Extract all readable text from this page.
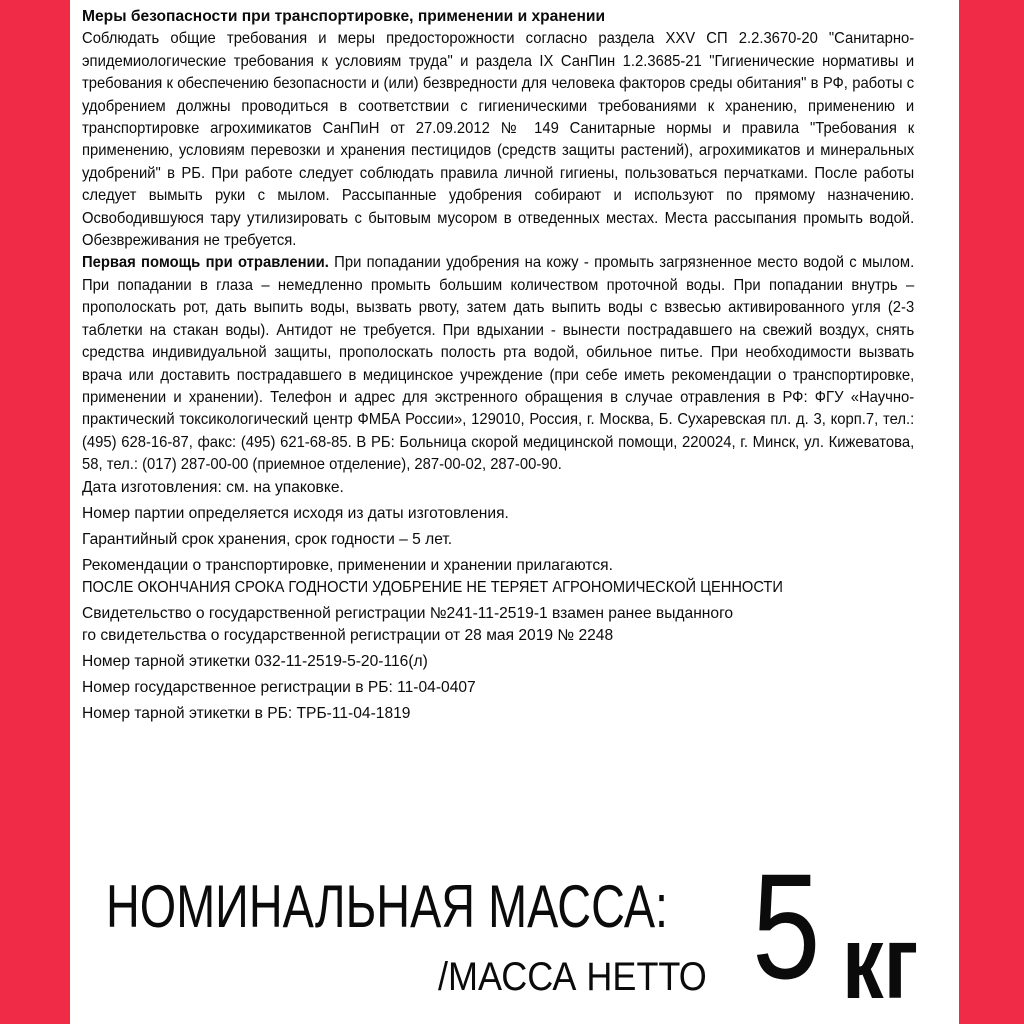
Меры безопасности при транспортировке, применении и хранении

Соблюдать общие требования и меры предосторожности согласно раздела XXV СП 2.2.3670-20 "Санитарно-эпидемиологические требования к условиям труда" и раздела IX СанПин 1.2.3685-21 "Гигиенические нормативы и требования к обеспечению безопасности и (или) безвредности для человека факторов среды обитания" в РФ, работы с удобрением должны проводиться в соответствии с гигиеническими требованиями к хранению, применению и транспортировке агрохимикатов СанПиН от 27.09.2012 № 149 Санитарные нормы и правила "Требования к применению, условиям перевозки и хранения пестицидов (средств защиты растений), агрохимикатов и минеральных удобрений" в РБ. При работе следует соблюдать правила личной гигиены, пользоваться перчатками. После работы следует вымыть руки с мылом. Рассыпанные удобрения собирают и используют по прямому назначению. Освободившуюся тару утилизировать с бытовым мусором в отведенных местах. Места рассыпания промыть водой. Обезвреживания не требуется.

Первая помощь при отравлении. При попадании удобрения на кожу - промыть загрязненное место водой с мылом. При попадании в глаза – немедленно промыть большим количеством проточной воды. При попадании внутрь – прополоскать рот, дать выпить воды, вызвать рвоту, затем дать выпить воды с взвесью активированного угля (2-3 таблетки на стакан воды). Антидот не требуется. При вдыхании - вынести пострадавшего на свежий воздух, снять средства индивидуальной защиты, прополоскать полость рта водой, обильное питье. При необходимости вызвать врача или доставить пострадавшего в медицинское учреждение (при себе иметь рекомендации о транспортировке, применении и хранении). Телефон и адрес для экстренного обращения в случае отравления в РФ: ФГУ «Научно-практический токсикологический центр ФМБА России», 129010, Россия, г. Москва, Б. Сухаревская пл. д. 3, корп.7, тел.: (495) 628-16-87, факс: (495) 621-68-85. В РБ: Больница скорой медицинской помощи, 220024, г. Минск, ул. Кижеватова, 58, тел.: (017) 287-00-00 (приемное отделение), 287-00-02, 287-00-90.

Дата изготовления: см. на упаковке.

Номер партии определяется исходя из даты изготовления.

Гарантийный срок хранения, срок годности – 5 лет.

Рекомендации о транспортировке, применении и хранении прилагаются.

ПОСЛЕ ОКОНЧАНИЯ СРОКА ГОДНОСТИ УДОБРЕНИЕ НЕ ТЕРЯЕТ АГРОНОМИЧЕСКОЙ ЦЕННОСТИ

Свидетельство о государственной регистрации №241-11-2519-1 взамен ранее выданного

го свидетельства о государственной регистрации от 28 мая 2019 № 2248

Номер тарной этикетки 032-11-2519-5-20-116(л)

Номер государственное регистрации в РБ: 11-04-0407

Номер тарной этикетки в РБ: ТРБ-11-04-1819

НОМИНАЛЬНАЯ МАССА:
/МАССА НЕТТО 5 кг
